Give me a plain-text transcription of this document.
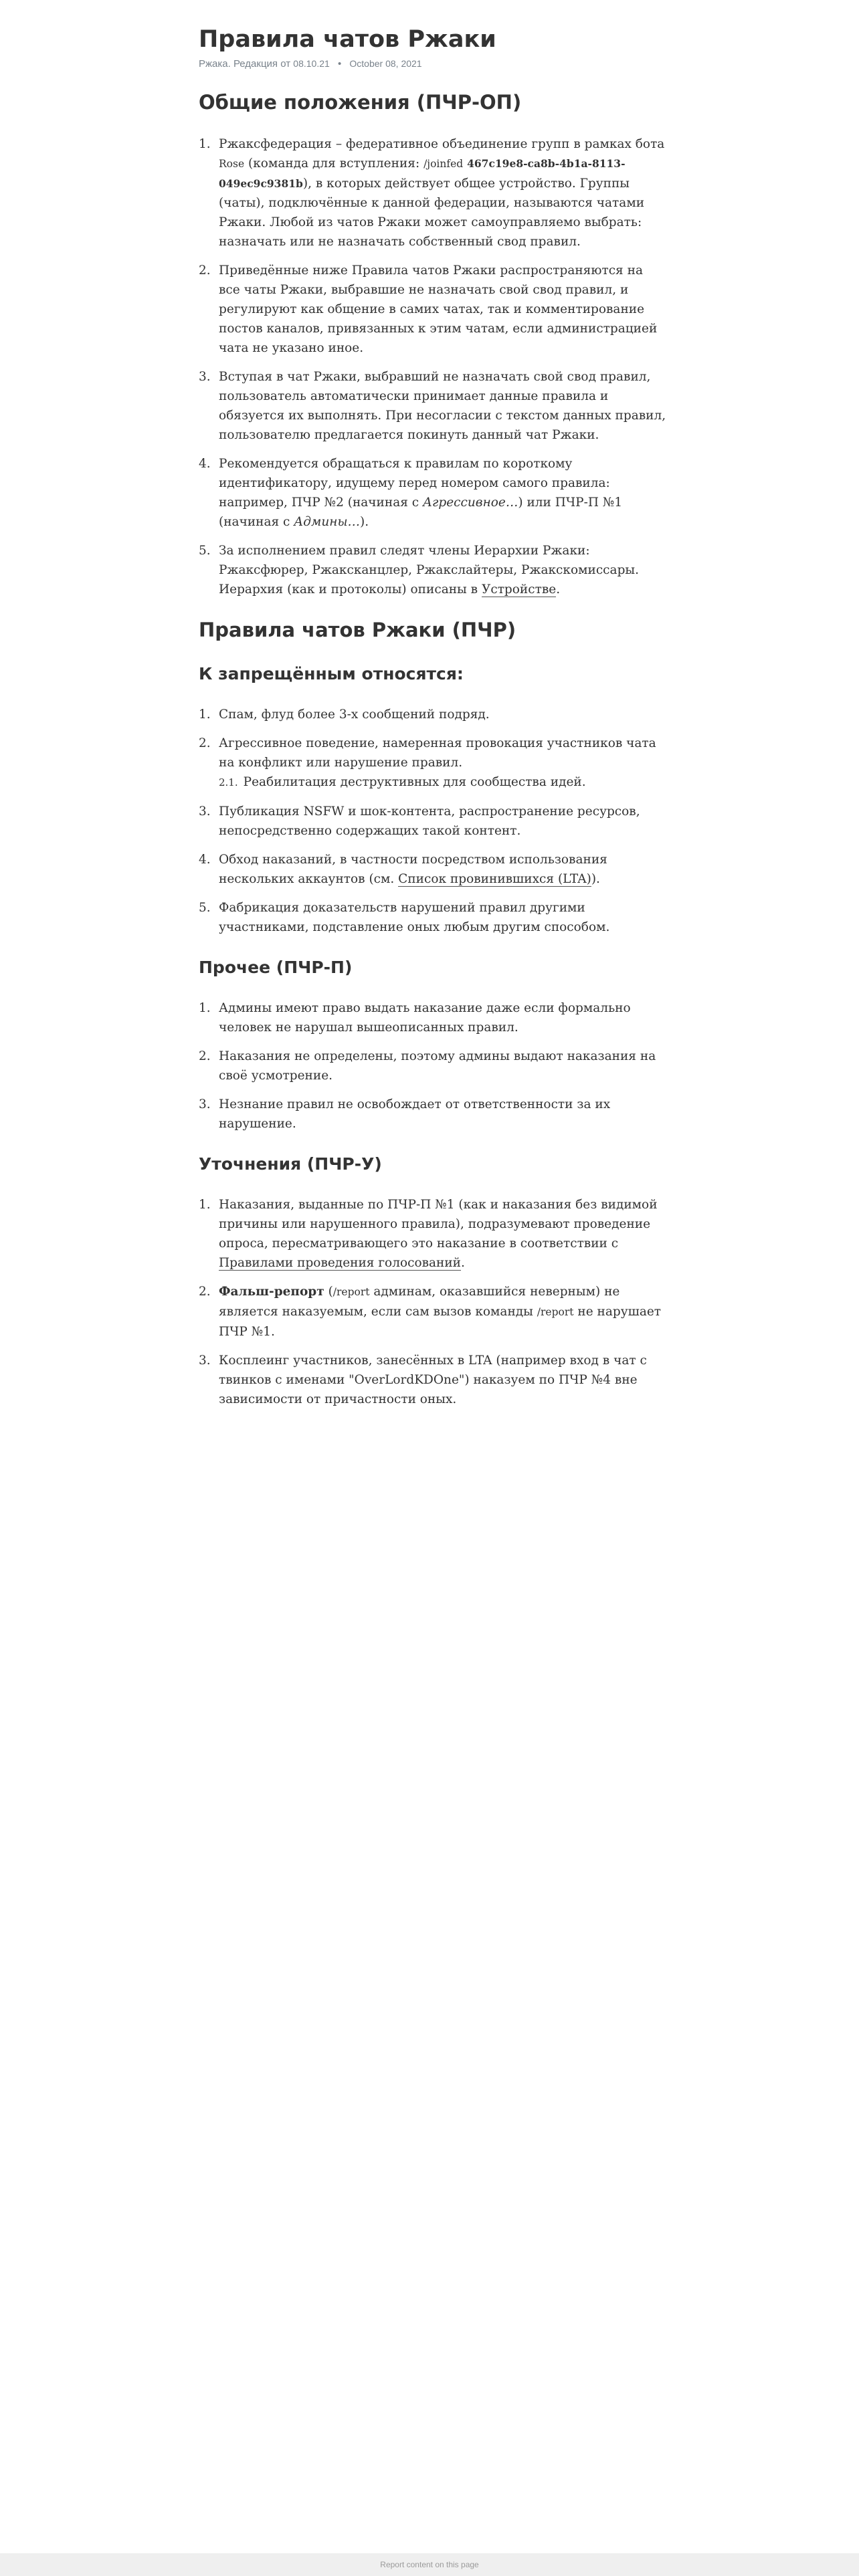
Правила чатов Ржаки
Ржака. Редакция от 08.10.21 • October 08, 2021
Общие положения (ПЧР-ОП)
1. Ржаксфедерация – федеративное объединение групп в рамках бота Rose (команда для вступления: /joinfed 467c19e8-ca8b-4b1a-8113-049ec9c9381b), в которых действует общее устройство. Группы (чаты), подключённые к данной федерации, называются чатами Ржаки. Любой из чатов Ржаки может самоуправляемо выбрать: назначать или не назначать собственный свод правил.
2. Приведённые ниже Правила чатов Ржаки распространяются на все чаты Ржаки, выбравшие не назначать свой свод правил, и регулируют как общение в самих чатах, так и комментирование постов каналов, привязанных к этим чатам, если администрацией чата не указано иное.
3. Вступая в чат Ржаки, выбравший не назначать свой свод правил, пользователь автоматически принимает данные правила и обязуется их выполнять. При несогласии с текстом данных правил, пользователю предлагается покинуть данный чат Ржаки.
4. Рекомендуется обращаться к правилам по короткому идентификатору, идущему перед номером самого правила: например, ПЧР №2 (начиная с Агрессивное…) или ПЧР-П №1 (начиная с Админы…).
5. За исполнением правил следят члены Иерархии Ржаки: Ржаксфюрер, Ржаксканцлер, Ржакслайтеры, Ржакскомиссары. Иерархия (как и протоколы) описаны в Устройстве.
Правила чатов Ржаки (ПЧР)
К запрещённым относятся:
1. Спам, флуд более 3-х сообщений подряд.
2. Агрессивное поведение, намеренная провокация участников чата на конфликт или нарушение правил.
2.1. Реабилитация деструктивных для сообщества идей.
3. Публикация NSFW и шок-контента, распространение ресурсов, непосредственно содержащих такой контент.
4. Обход наказаний, в частности посредством использования нескольких аккаунтов (см. Список провинившихся (LTA)).
5. Фабрикация доказательств нарушений правил другими участниками, подставление оных любым другим способом.
Прочее (ПЧР-П)
1. Админы имеют право выдать наказание даже если формально человек не нарушал вышеописанных правил.
2. Наказания не определены, поэтому админы выдают наказания на своё усмотрение.
3. Незнание правил не освобождает от ответственности за их нарушение.
Уточнения (ПЧР-У)
1. Наказания, выданные по ПЧР-П №1 (как и наказания без видимой причины или нарушенного правила), подразумевают проведение опроса, пересматривающего это наказание в соответствии с Правилами проведения голосований.
2. Фальш-репорт (/report админам, оказавшийся неверным) не является наказуемым, если сам вызов команды /report не нарушает ПЧР №1.
3. Косплеинг участников, занесённых в LTA (например вход в чат с твинков с именами "OverLordKDOne") наказуем по ПЧР №4 вне зависимости от причастности оных.
Report content on this page
